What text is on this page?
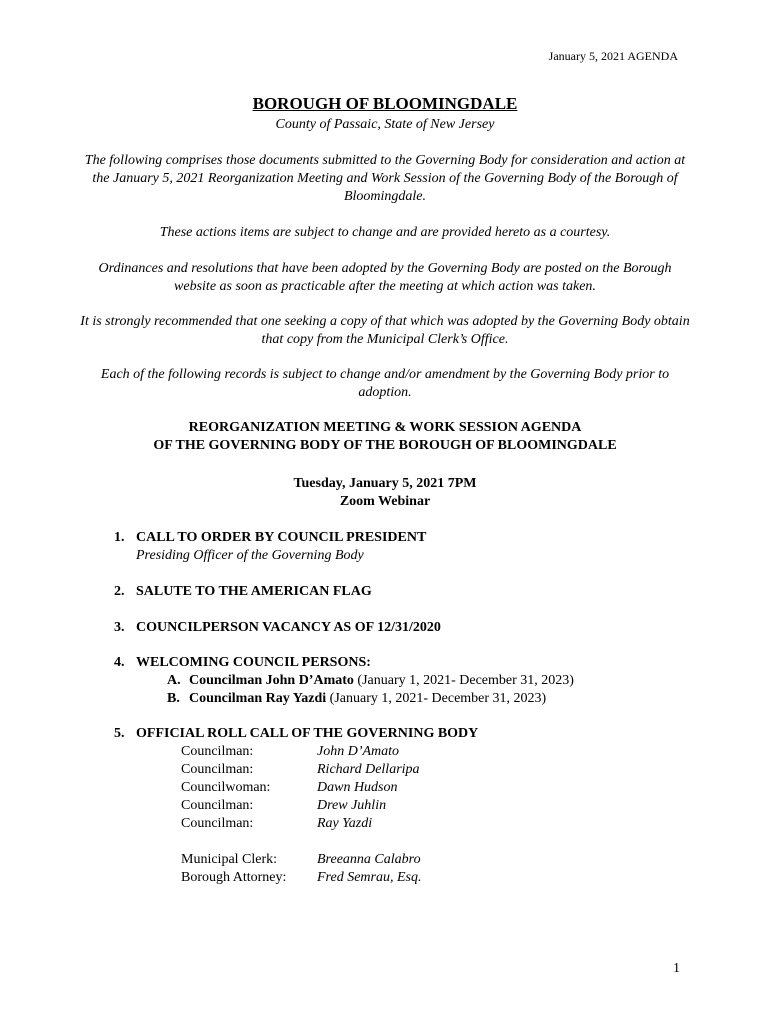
January 5, 2021 AGENDA
BOROUGH OF BLOOMINGDALE
County of Passaic, State of New Jersey
The following comprises those documents submitted to the Governing Body for consideration and action at the January 5, 2021 Reorganization Meeting and Work Session of the Governing Body of the Borough of Bloomingdale.
These actions items are subject to change and are provided hereto as a courtesy.
Ordinances and resolutions that have been adopted by the Governing Body are posted on the Borough website as soon as practicable after the meeting at which action was taken.
It is strongly recommended that one seeking a copy of that which was adopted by the Governing Body obtain that copy from the Municipal Clerk’s Office.
Each of the following records is subject to change and/or amendment by the Governing Body prior to adoption.
REORGANIZATION MEETING & WORK SESSION AGENDA
OF THE GOVERNING BODY OF THE BOROUGH OF BLOOMINGDALE
Tuesday, January 5, 2021 7PM
Zoom Webinar
1. CALL TO ORDER BY COUNCIL PRESIDENT
Presiding Officer of the Governing Body
2. SALUTE TO THE AMERICAN FLAG
3. COUNCILPERSON VACANCY AS OF 12/31/2020
4. WELCOMING COUNCIL PERSONS:
A. Councilman John D’Amato (January 1, 2021- December 31, 2023)
B. Councilman Ray Yazdi (January 1, 2021- December 31, 2023)
5. OFFICIAL ROLL CALL OF THE GOVERNING BODY
Councilman:	John D’Amato
Councilman:	Richard Dellaripa
Councilwoman:	Dawn Hudson
Councilman:	Drew Juhlin
Councilman:	Ray Yazdi
Municipal Clerk:	Breeanna Calabro
Borough Attorney: Fred Semrau, Esq.
1
